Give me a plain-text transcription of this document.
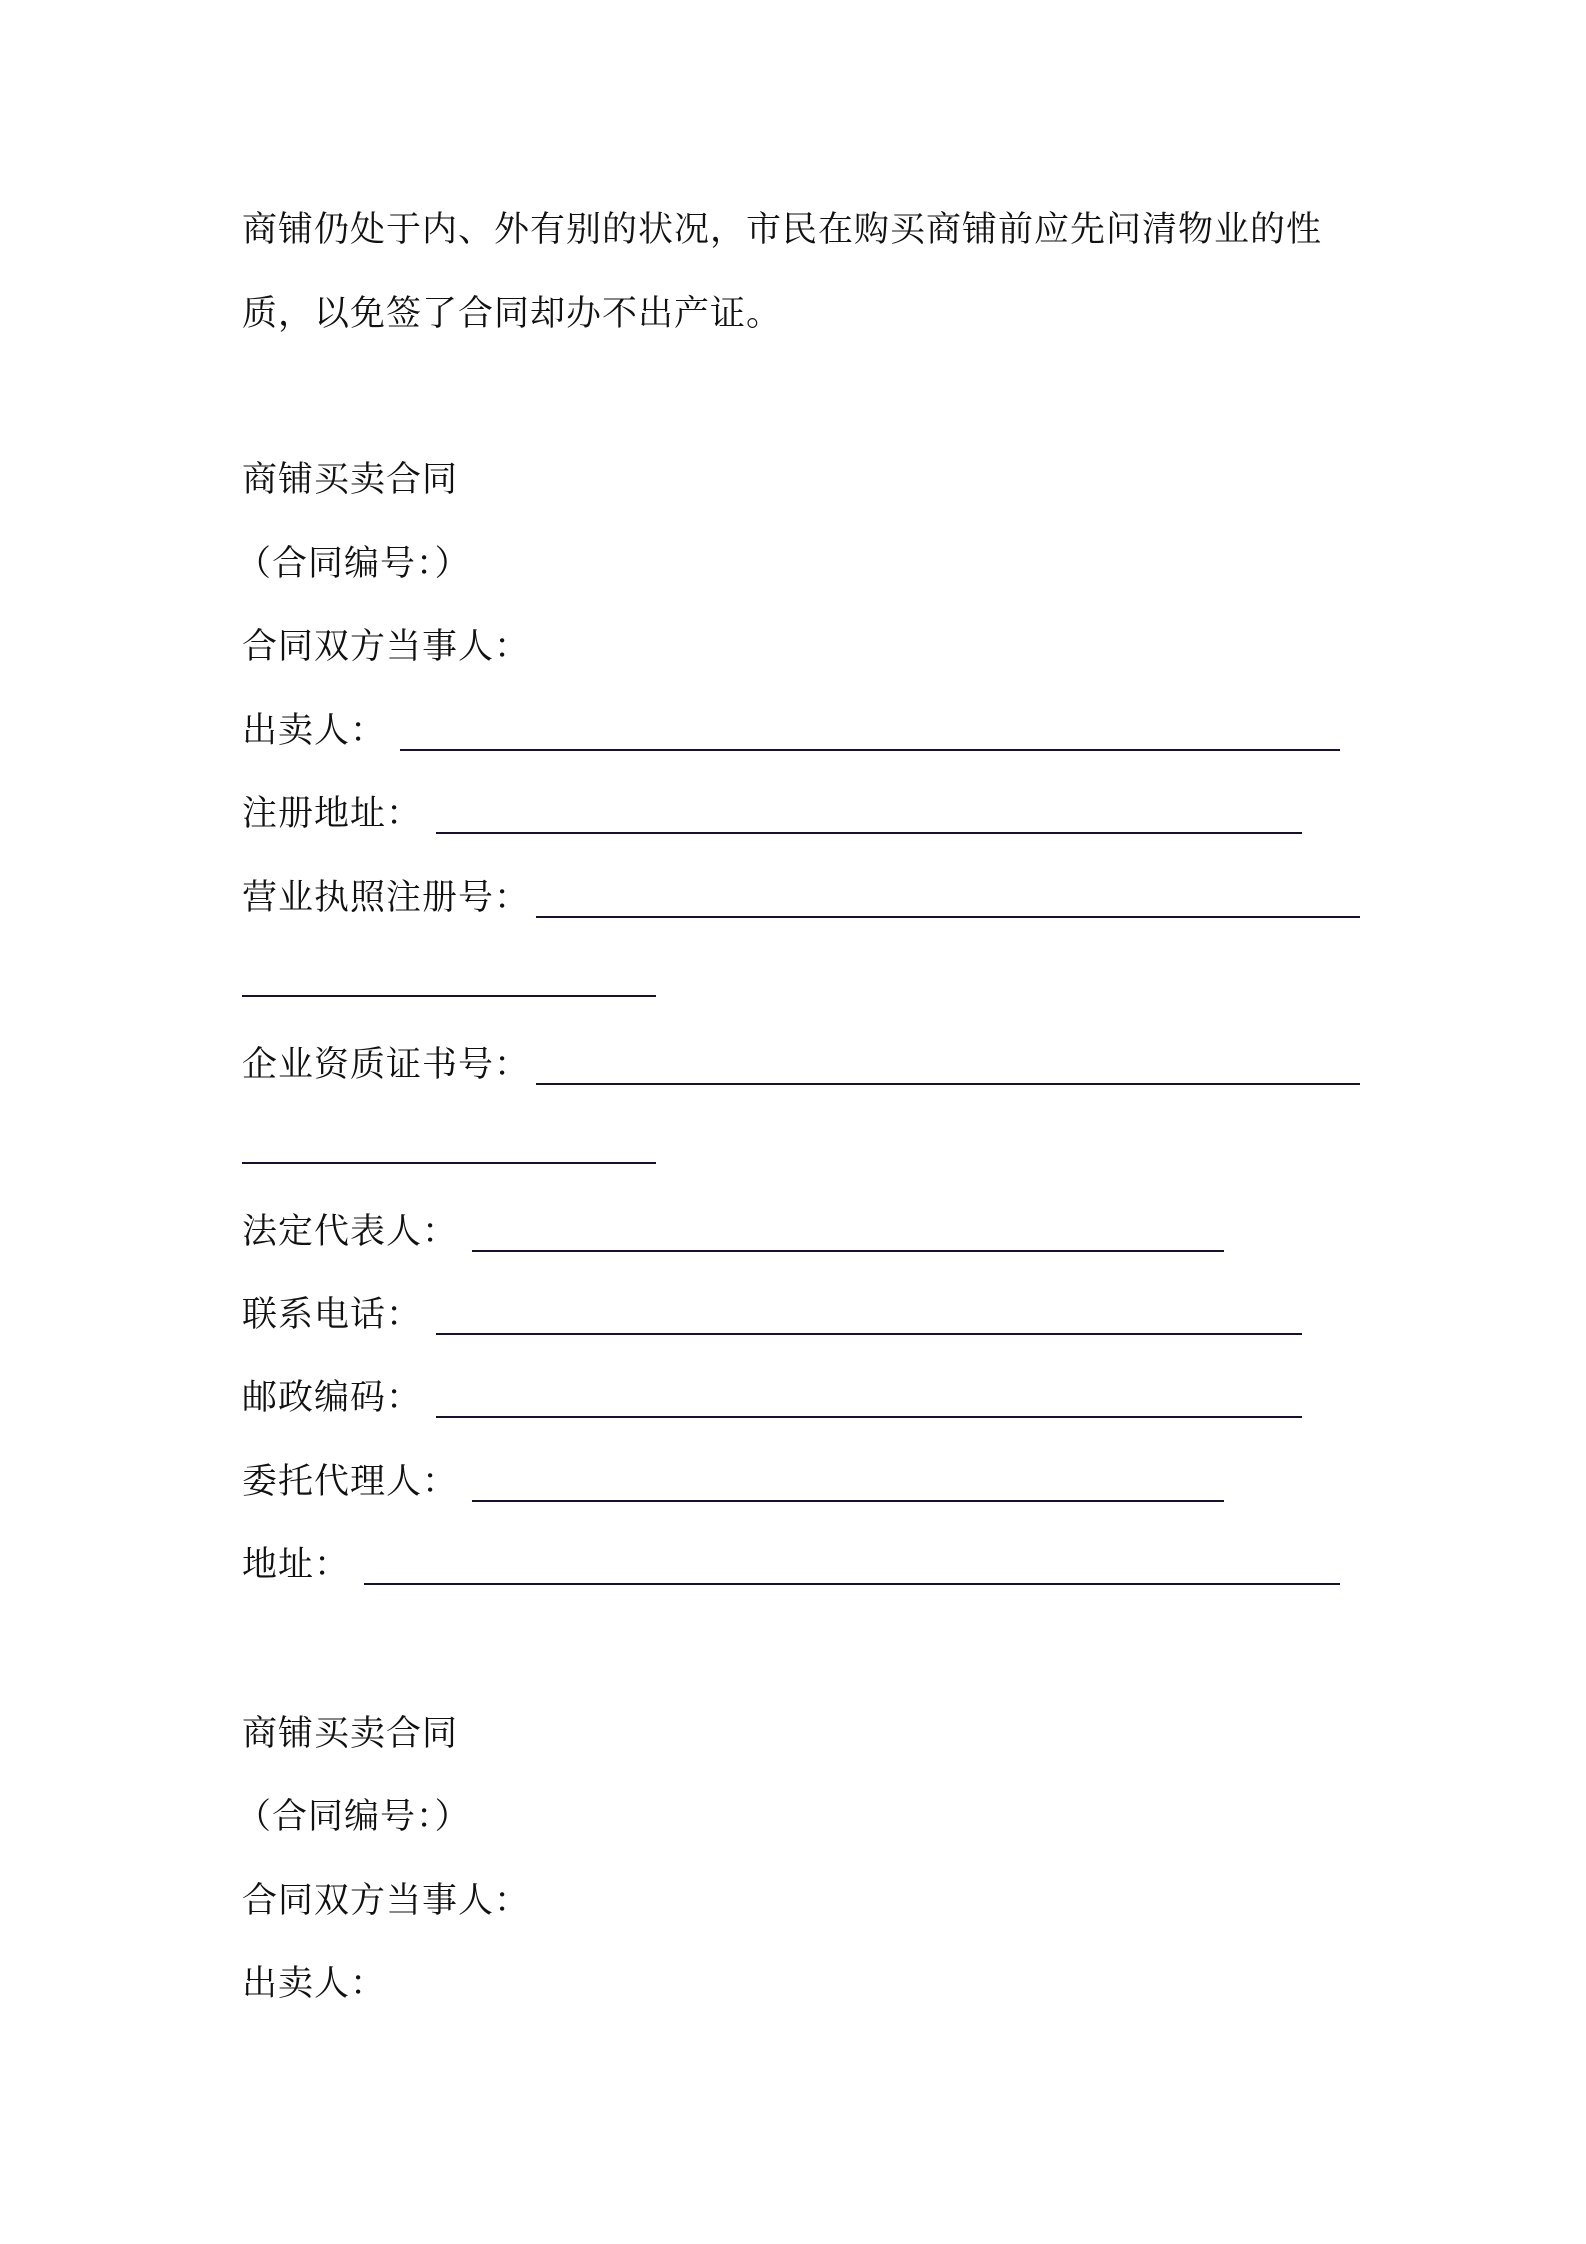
商铺仍处于内、外有别的状况，市民在购买商铺前应先问清物业的性质，以免签了合同却办不出产证。
商铺买卖合同
（合同编号：）
合同双方当事人：
出卖人：
注册地址：
营业执照注册号：
企业资质证书号：
法定代表人：
联系电话：
邮政编码：
委托代理人：
地址：
商铺买卖合同
（合同编号：）
合同双方当事人：
出卖人：
